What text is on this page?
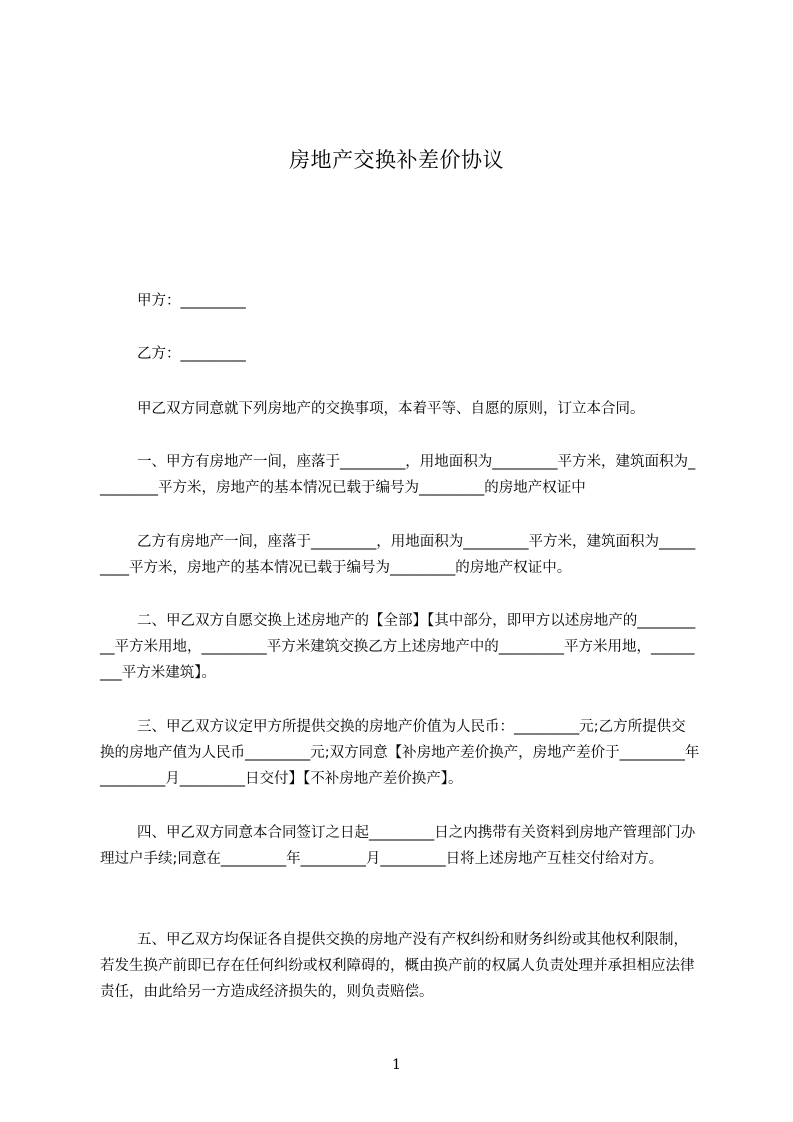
房地产交换补差价协议

甲方：_________

乙方：_________

甲乙双方同意就下列房地产的交换事项，本着平等、自愿的原则，订立本合同。

一、甲方有房地产一间，座落于_________，用地面积为_________平方米，建筑面积为_________平方米，房地产的基本情况已载于编号为_________的房地产权证中

乙方有房地产一间，座落于_________，用地面积为_________平方米，建筑面积为_________平方米，房地产的基本情况已载于编号为_________的房地产权证中。

二、甲乙双方自愿交换上述房地产的【全部】【其中部分，即甲方以述房地产的__________平方米用地，_________平方米建筑交换乙方上述房地产中的_________平方米用地，_________平方米建筑】。

三、甲乙双方议定甲方所提供交换的房地产价值为人民币：_________元;乙方所提供交换的房地产值为人民币_________元;双方同意【补房地产差价换产，房地产差价于_________年_________月_________日交付】【不补房地产差价换产】。

四、甲乙双方同意本合同签订之日起_________日之内携带有关资料到房地产管理部门办理过户手续;同意在_________年_________月_________日将上述房地产互桂交付给对方。

五、甲乙双方均保证各自提供交换的房地产没有产权纠纷和财务纠纷或其他权利限制，若发生换产前即已存在任何纠纷或权利障碍的，概由换产前的权属人负责处理并承担相应法律责任，由此给另一方造成经济损失的，则负责赔偿。

1
